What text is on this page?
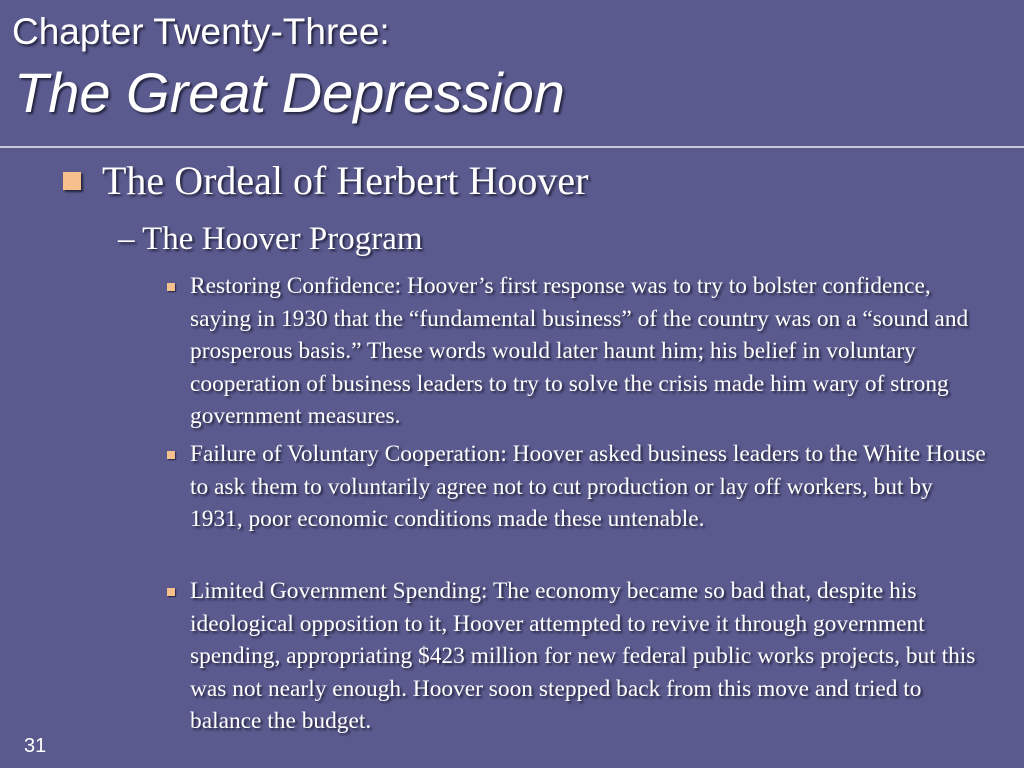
Chapter Twenty-Three:
The Great Depression
The Ordeal of Herbert Hoover
– The Hoover Program
Restoring Confidence: Hoover’s first response was to try to bolster confidence, saying in 1930 that the “fundamental business” of the country was on a “sound and prosperous basis.” These words would later haunt him; his belief in voluntary cooperation of business leaders to try to solve the crisis made him wary of strong government measures.
Failure of Voluntary Cooperation: Hoover asked business leaders to the White House to ask them to voluntarily agree not to cut production or lay off workers, but by 1931, poor economic conditions made these untenable.
Limited Government Spending: The economy became so bad that, despite his ideological opposition to it, Hoover attempted to revive it through government spending, appropriating $423 million for new federal public works projects, but this was not nearly enough. Hoover soon stepped back from this move and tried to balance the budget.
31
